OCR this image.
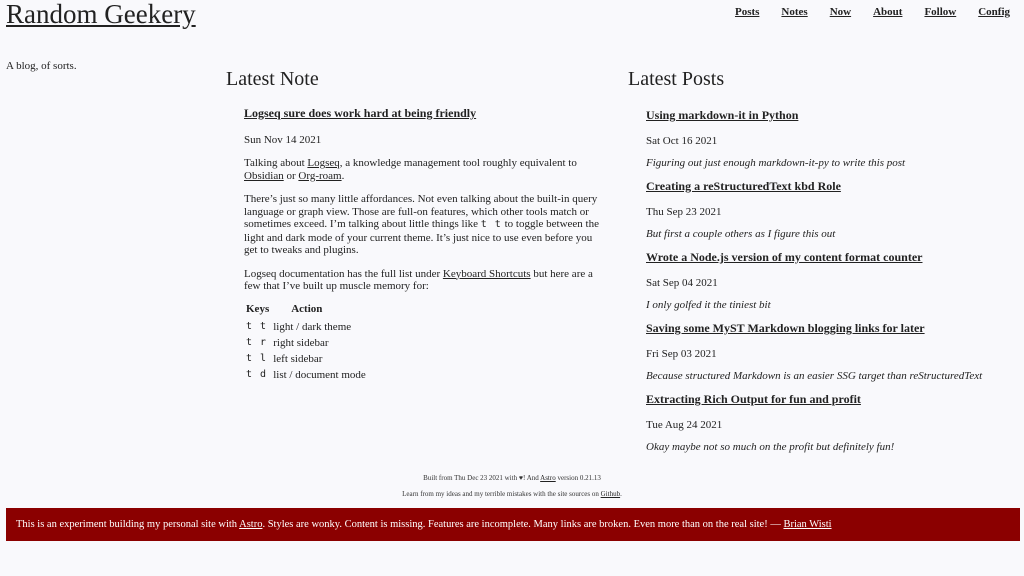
Random Geekery
A blog, of sorts.
Posts Notes Now About Follow Config
Latest Note
Logseq sure does work hard at being friendly
Sun Nov 14 2021

Talking about Logseq, a knowledge management tool roughly equivalent to Obsidian or Org-roam.

There’s just so many little affordances. Not even talking about the built-in query language or graph view. Those are full-on features, which other tools match or sometimes exceed. I’m talking about little things like t t to toggle between the light and dark mode of your current theme. It’s just nice to use even before you get to tweaks and plugins.

Logseq documentation has the full list under Keyboard Shortcuts but here are a few that I’ve built up muscle memory for:

Keys	Action
t t	light / dark theme
t r	right sidebar
t l	left sidebar
t d	list / document mode
Latest Posts
Using markdown-it in Python
Sat Oct 16 2021
Figuring out just enough markdown-it-py to write this post
Creating a reStructuredText kbd Role
Thu Sep 23 2021
But first a couple others as I figure this out
Wrote a Node.js version of my content format counter
Sat Sep 04 2021
I only golfed it the tiniest bit
Saving some MyST Markdown blogging links for later
Fri Sep 03 2021
Because structured Markdown is an easier SSG target than reStructuredText
Extracting Rich Output for fun and profit
Tue Aug 24 2021
Okay maybe not so much on the profit but definitely fun!
Built from Thu Dec 23 2021 with ♥! And Astro version 0.21.13
Learn from my ideas and my terrible mistakes with the site sources on Github.
This is an experiment building my personal site with Astro. Styles are wonky. Content is missing. Features are incomplete. Many links are broken. Even more than on the real site! — Brian Wisti
